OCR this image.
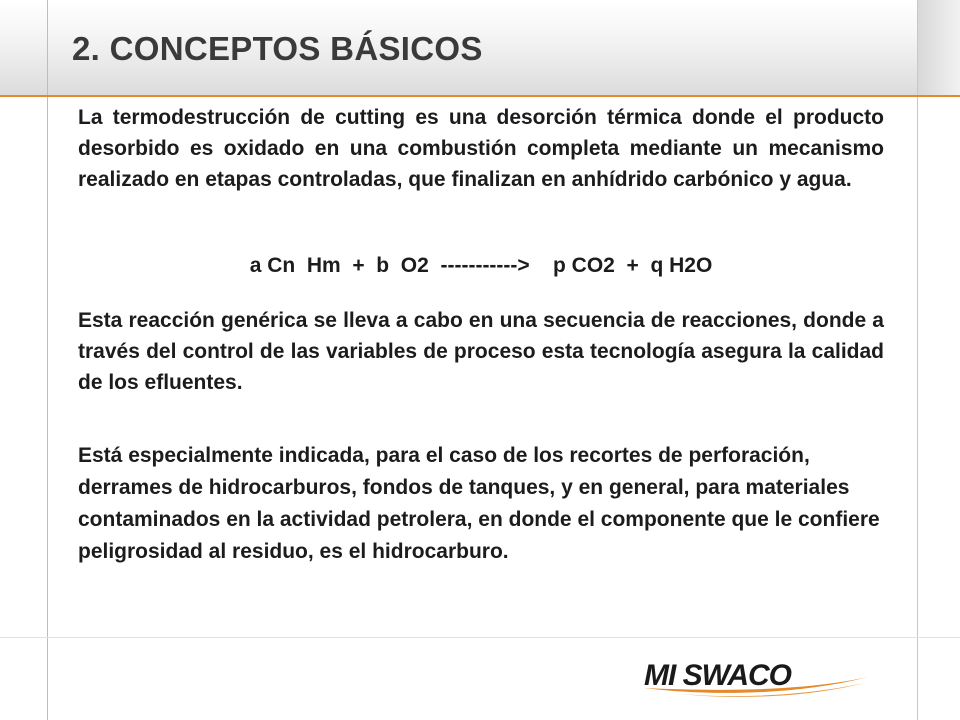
2. CONCEPTOS BÁSICOS

La termodestrucción de cutting es una desorción térmica donde el producto desorbido es oxidado en una combustión completa mediante un mecanismo realizado en etapas controladas, que finalizan en anhídrido carbónico y agua.

a Cn  Hm  +  b  O2  ----------->    p CO2  +  q H2O

Esta reacción genérica se lleva a cabo en una secuencia de reacciones, donde a través del control de las variables de proceso esta tecnología asegura la calidad de los efluentes.

Está especialmente indicada, para el caso de los recortes de perforación, derrames de hidrocarburos, fondos de tanques, y en general, para materiales contaminados en la actividad petrolera, en donde el componente que le confiere peligrosidad al residuo, es el hidrocarburo.

MI SWACO
